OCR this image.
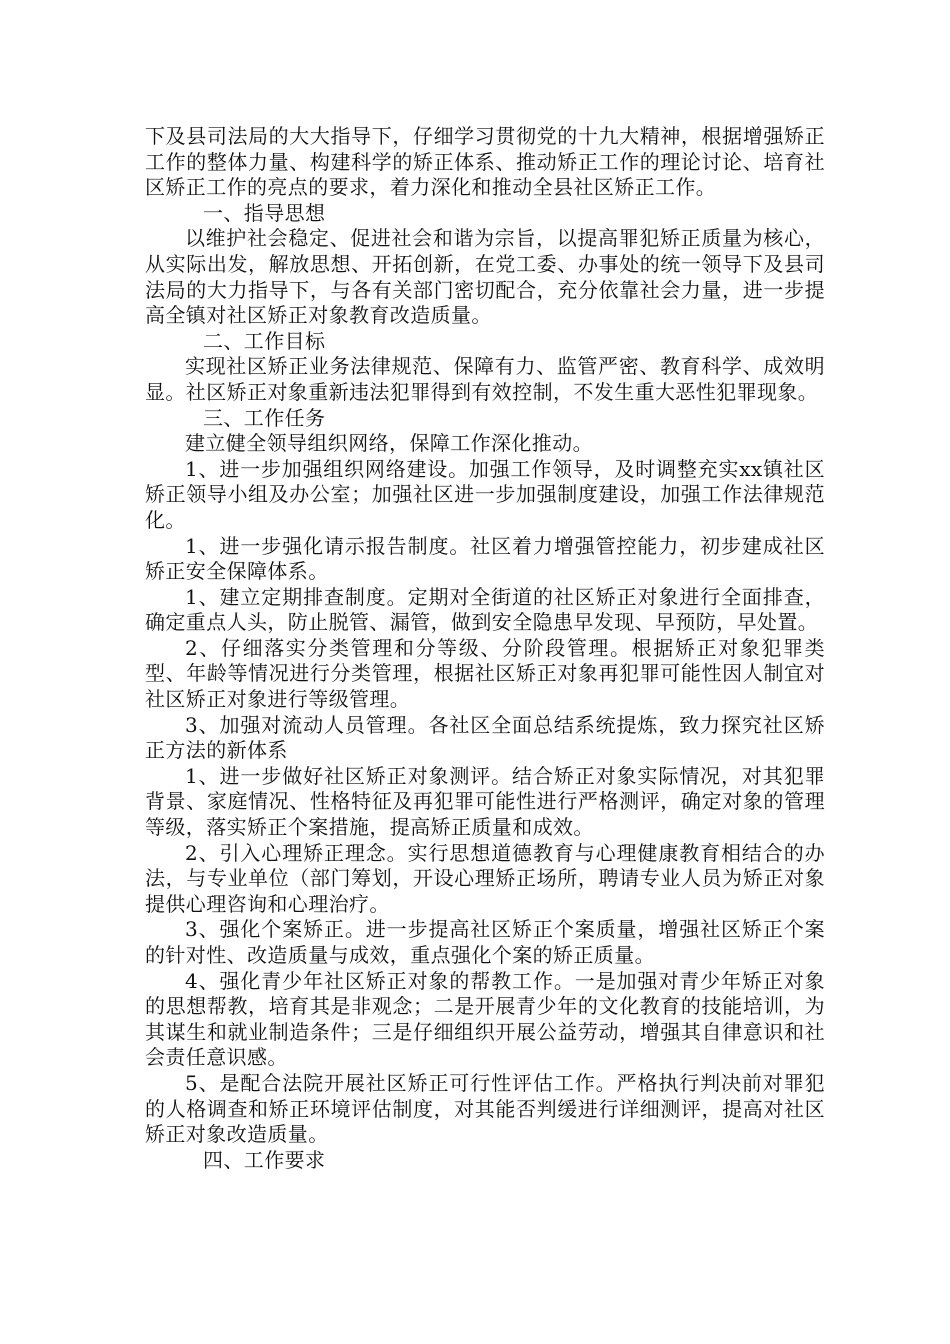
下及县司法局的大大指导下，仔细学习贯彻党的十九大精神，根据增强矫正工作的整体力量、构建科学的矫正体系、推动矫正工作的理论讨论、培育社区矫正工作的亮点的要求，着力深化和推动全县社区矫正工作。

一、指导思想

以维护社会稳定、促进社会和谐为宗旨，以提高罪犯矫正质量为核心，从实际出发，解放思想、开拓创新，在党工委、办事处的统一领导下及县司法局的大力指导下，与各有关部门密切配合，充分依靠社会力量，进一步提高全镇对社区矫正对象教育改造质量。

二、工作目标

实现社区矫正业务法律规范、保障有力、监管严密、教育科学、成效明显。社区矫正对象重新违法犯罪得到有效控制，不发生重大恶性犯罪现象。

三、工作任务

建立健全领导组织网络，保障工作深化推动。

1、进一步加强组织网络建设。加强工作领导，及时调整充实xx镇社区矫正领导小组及办公室；加强社区进一步加强制度建设，加强工作法律规范化。

1、进一步强化请示报告制度。社区着力增强管控能力，初步建成社区矫正安全保障体系。

1、建立定期排查制度。定期对全街道的社区矫正对象进行全面排查，确定重点人头，防止脱管、漏管，做到安全隐患早发现、早预防，早处置。

2、仔细落实分类管理和分等级、分阶段管理。根据矫正对象犯罪类型、年龄等情况进行分类管理，根据社区矫正对象再犯罪可能性因人制宜对社区矫正对象进行等级管理。

3、加强对流动人员管理。各社区全面总结系统提炼，致力探究社区矫正方法的新体系

1、进一步做好社区矫正对象测评。结合矫正对象实际情况，对其犯罪背景、家庭情况、性格特征及再犯罪可能性进行严格测评，确定对象的管理等级，落实矫正个案措施，提高矫正质量和成效。

2、引入心理矫正理念。实行思想道德教育与心理健康教育相结合的办法，与专业单位（部门筹划，开设心理矫正场所，聘请专业人员为矫正对象提供心理咨询和心理治疗。

3、强化个案矫正。进一步提高社区矫正个案质量，增强社区矫正个案的针对性、改造质量与成效，重点强化个案的矫正质量。

4、强化青少年社区矫正对象的帮教工作。一是加强对青少年矫正对象的思想帮教，培育其是非观念；二是开展青少年的文化教育的技能培训，为其谋生和就业制造条件；三是仔细组织开展公益劳动，增强其自律意识和社会责任意识感。

5、是配合法院开展社区矫正可行性评估工作。严格执行判决前对罪犯的人格调查和矫正环境评估制度，对其能否判缓进行详细测评，提高对社区矫正对象改造质量。

四、工作要求
